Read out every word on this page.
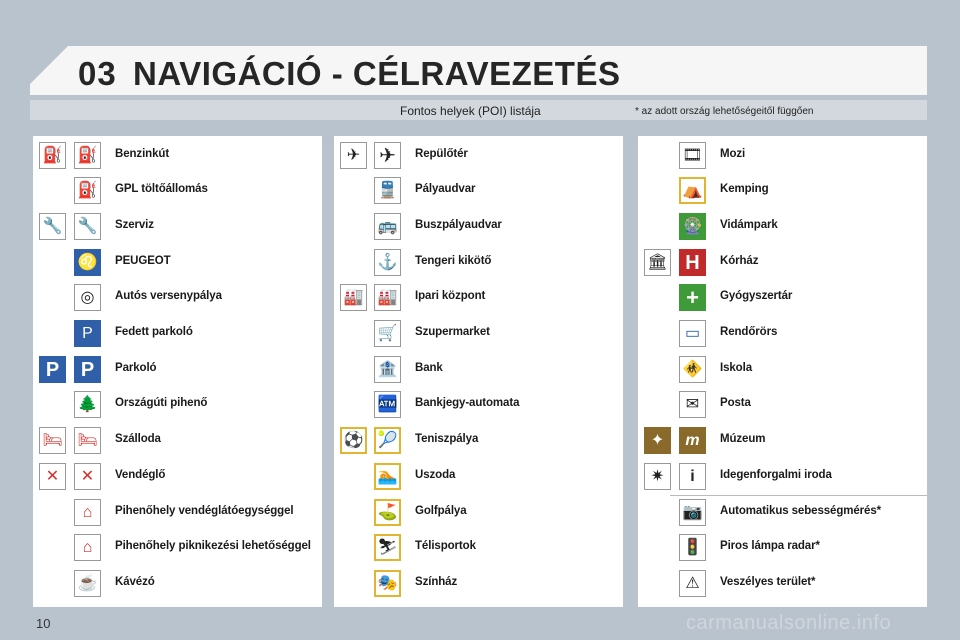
03 NAVIGÁCIÓ - CÉLRAVEZETÉS
Fontos helyek (POI) listája	* az adott ország lehetőségeitől függően
⛽ ⛽	Benzinkút
⛽	GPL töltőállomás
🔧 🔧	Szerviz
♌	PEUGEOT
◎	Autós versenypálya
P	Fedett parkoló
P	P	Parkoló
🌲	Országúti pihenő
🛏 🛏 Szálloda
✕	✕	Vendéglő
⌂	Pihenőhely vendéglátóegységgel
⌂	Pihenőhely piknikezési lehetőséggel
☕	Kávézó
✈ ✈	Repülőtér
🚆	Pályaudvar
🚌	Buszpályaudvar
⚓	Tengeri kikötő
🏭 🏭	Ipari központ
🛒	Szupermarket
🏦	Bank
🏧	Bankjegy-automata
⚽ 🎾	Teniszpálya
🏊	Uszoda
⛳	Golfpálya
⛷ Télisportok
🎭	Színház
🎞 Mozi
⛺	Kemping
🎡	Vidámpark
🏛 H	Kórház
+	Gyógyszertár
▭	Rendőrörs
🚸	Iskola
✉	Posta
✦	m	Múzeum
✷	i	Idegenforgalmi iroda
📷	Automatikus sebességmérés*
🚦	Piros lámpa radar*
⚠	Veszélyes terület*
10	carmanualsonline.info
